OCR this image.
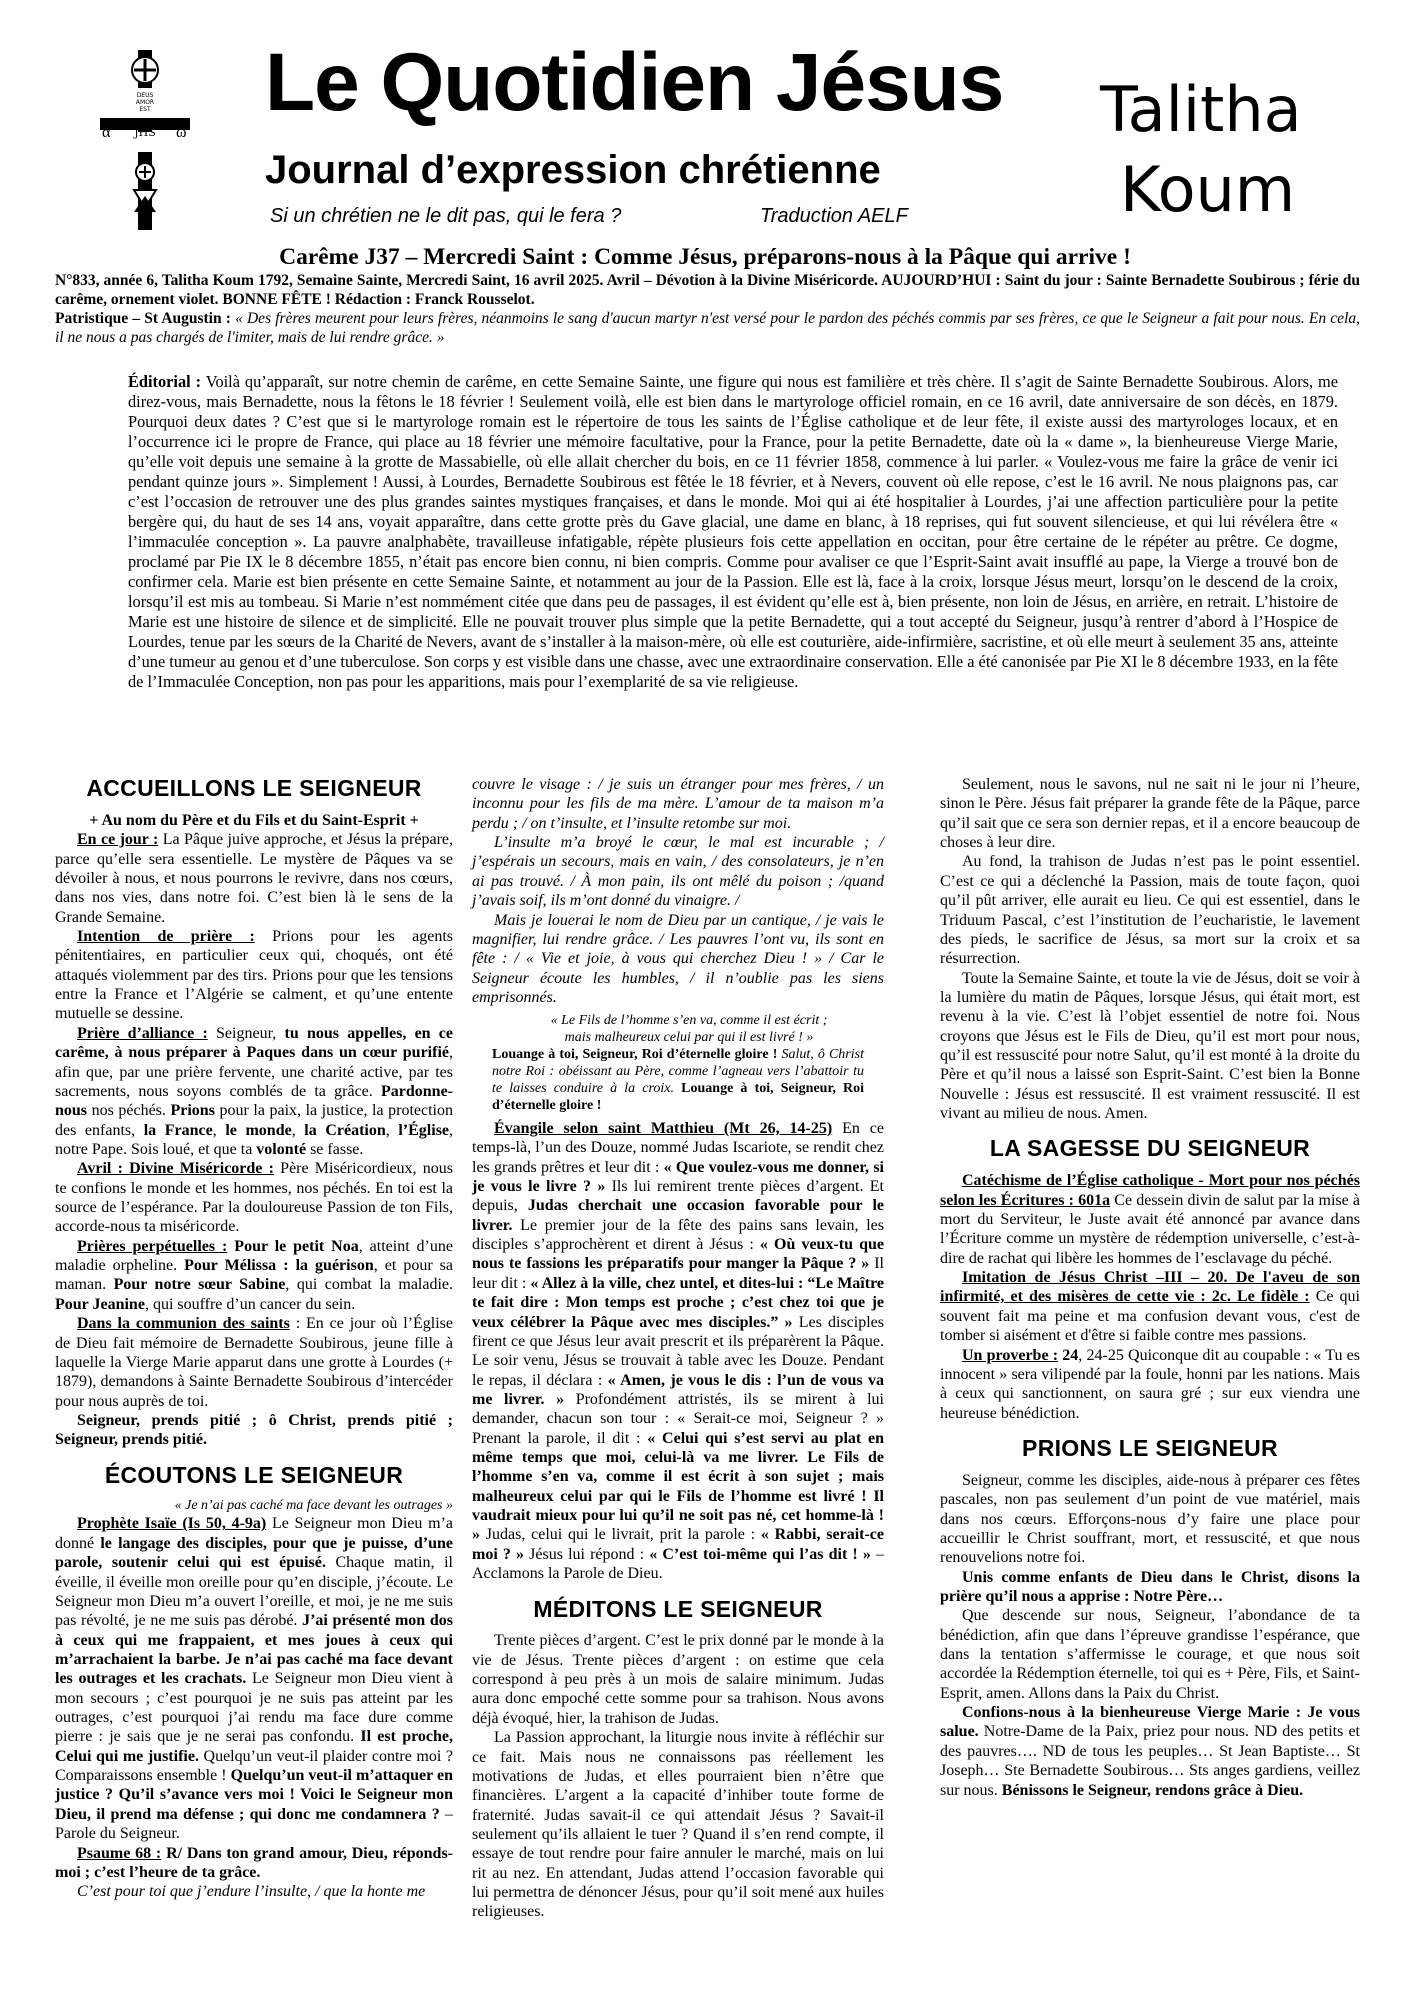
DEUS AMOR EST
JHS
α	ω
Le Quotidien Jésus
Journal d’expression chrétienne
Si un chrétien ne le dit pas, qui le fera ?	Traduction AELF
Talitha
Koum
Carême J37 – Mercredi Saint : Comme Jésus, préparons-nous à la Pâque qui arrive !
N°833, année 6, Talitha Koum 1792, Semaine Sainte, Mercredi Saint, 16 avril 2025. Avril – Dévotion à la Divine Miséricorde. AUJOURD’HUI : Saint du jour : Sainte Bernadette Soubirous ; férie du carême, ornement violet. BONNE FÊTE ! Rédaction : Franck Rousselot.
Patristique – St Augustin : « Des frères meurent pour leurs frères, néanmoins le sang d'aucun martyr n'est versé pour le pardon des péchés commis par ses frères, ce que le Seigneur a fait pour nous. En cela, il ne nous a pas chargés de l'imiter, mais de lui rendre grâce. »
Éditorial : Voilà qu’apparaît, sur notre chemin de carême, en cette Semaine Sainte, une figure qui nous est familière et très chère. Il s’agit de Sainte Bernadette Soubirous. Alors, me direz-vous, mais Bernadette, nous la fêtons le 18 février ! Seulement voilà, elle est bien dans le martyrologe officiel romain, en ce 16 avril, date anniversaire de son décès, en 1879. Pourquoi deux dates ? C’est que si le martyrologe romain est le répertoire de tous les saints de l’Église catholique et de leur fête, il existe aussi des martyrologes locaux, et en l’occurrence ici le propre de France, qui place au 18 février une mémoire facultative, pour la France, pour la petite Bernadette, date où la « dame », la bienheureuse Vierge Marie, qu’elle voit depuis une semaine à la grotte de Massabielle, où elle allait chercher du bois, en ce 11 février 1858, commence à lui parler. « Voulez-vous me faire la grâce de venir ici pendant quinze jours ». Simplement ! Aussi, à Lourdes, Bernadette Soubirous est fêtée le 18 février, et à Nevers, couvent où elle repose, c’est le 16 avril. Ne nous plaignons pas, car c’est l’occasion de retrouver une des plus grandes saintes mystiques françaises, et dans le monde. Moi qui ai été hospitalier à Lourdes, j’ai une affection particulière pour la petite bergère qui, du haut de ses 14 ans, voyait apparaître, dans cette grotte près du Gave glacial, une dame en blanc, à 18 reprises, qui fut souvent silencieuse, et qui lui révélera être « l’immaculée conception ». La pauvre analphabète, travailleuse infatigable, répète plusieurs fois cette appellation en occitan, pour être certaine de le répéter au prêtre. Ce dogme, proclamé par Pie IX le 8 décembre 1855, n’était pas encore bien connu, ni bien compris. Comme pour avaliser ce que l’Esprit-Saint avait insufflé au pape, la Vierge a trouvé bon de confirmer cela. Marie est bien présente en cette Semaine Sainte, et notamment au jour de la Passion. Elle est là, face à la croix, lorsque Jésus meurt, lorsqu’on le descend de la croix, lorsqu’il est mis au tombeau. Si Marie n’est nommément citée que dans peu de passages, il est évident qu’elle est à, bien présente, non loin de Jésus, en arrière, en retrait. L’histoire de Marie est une histoire de silence et de simplicité. Elle ne pouvait trouver plus simple que la petite Bernadette, qui a tout accepté du Seigneur, jusqu’à rentrer d’abord à l’Hospice de Lourdes, tenue par les sœurs de la Charité de Nevers, avant de s’installer à la maison-mère, où elle est couturière, aide-infirmière, sacristine, et où elle meurt à seulement 35 ans, atteinte d’une tumeur au genou et d’une tuberculose. Son corps y est visible dans une chasse, avec une extraordinaire conservation. Elle a été canonisée par Pie XI le 8 décembre 1933, en la fête de l’Immaculée Conception, non pas pour les apparitions, mais pour l’exemplarité de sa vie religieuse.
ACCUEILLONS LE SEIGNEUR

+ Au nom du Père et du Fils et du Saint-Esprit +

En ce jour : La Pâque juive approche, et Jésus la prépare, parce qu’elle sera essentielle. Le mystère de Pâques va se dévoiler à nous, et nous pourrons le revivre, dans nos cœurs, dans nos vies, dans notre foi. C’est bien là le sens de la Grande Semaine.

Intention de prière : Prions pour les agents pénitentiaires, en particulier ceux qui, choqués, ont été attaqués violemment par des tirs. Prions pour que les tensions entre la France et l’Algérie se calment, et qu’une entente mutuelle se dessine.

Prière d’alliance : Seigneur, tu nous appelles, en ce carême, à nous préparer à Paques dans un cœur purifié, afin que, par une prière fervente, une charité active, par tes sacrements, nous soyons comblés de ta grâce. Pardonne-nous nos péchés. Prions pour la paix, la justice, la protection des enfants, la France, le monde, la Création, l’Église, notre Pape. Sois loué, et que ta volonté se fasse.

Avril : Divine Miséricorde : Père Miséricordieux, nous te confions le monde et les hommes, nos péchés. En toi est la source de l’espérance. Par la douloureuse Passion de ton Fils, accorde-nous ta miséricorde.

Prières perpétuelles : Pour le petit Noa, atteint d’une maladie orpheline. Pour Mélissa : la guérison, et pour sa maman. Pour notre sœur Sabine, qui combat la maladie. Pour Jeanine, qui souffre d’un cancer du sein.

Dans la communion des saints : En ce jour où l’Église de Dieu fait mémoire de Bernadette Soubirous, jeune fille à laquelle la Vierge Marie apparut dans une grotte à Lourdes (+ 1879), demandons à Sainte Bernadette Soubirous d’intercéder pour nous auprès de toi.

Seigneur, prends pitié ; ô Christ, prends pitié ; Seigneur, prends pitié.

ÉCOUTONS LE SEIGNEUR

« Je n’ai pas caché ma face devant les outrages »

Prophète Isaïe (Is 50, 4-9a) Le Seigneur mon Dieu m’a donné le langage des disciples, pour que je puisse, d’une parole, soutenir celui qui est épuisé. Chaque matin, il éveille, il éveille mon oreille pour qu’en disciple, j’écoute. Le Seigneur mon Dieu m’a ouvert l’oreille, et moi, je ne me suis pas révolté, je ne me suis pas dérobé. J’ai présenté mon dos à ceux qui me frappaient, et mes joues à ceux qui m’arrachaient la barbe. Je n’ai pas caché ma face devant les outrages et les crachats. Le Seigneur mon Dieu vient à mon secours ; c’est pourquoi je ne suis pas atteint par les outrages, c’est pourquoi j’ai rendu ma face dure comme pierre : je sais que je ne serai pas confondu. Il est proche, Celui qui me justifie. Quelqu’un veut-il plaider contre moi ? Comparaissons ensemble ! Quelqu’un veut-il m’attaquer en justice ? Qu’il s’avance vers moi ! Voici le Seigneur mon Dieu, il prend ma défense ; qui donc me condamnera ? – Parole du Seigneur.

Psaume 68 : R/ Dans ton grand amour, Dieu, réponds-moi ; c’est l’heure de ta grâce.

C’est pour toi que j’endure l’insulte, / que la honte me

couvre le visage : / je suis un étranger pour mes frères, / un inconnu pour les fils de ma mère. L’amour de ta maison m’a perdu ; / on t’insulte, et l’insulte retombe sur moi.

L’insulte m’a broyé le cœur, le mal est incurable ; / j’espérais un secours, mais en vain, / des consolateurs, je n’en ai pas trouvé. / À mon pain, ils ont mêlé du poison ; /quand j’avais soif, ils m’ont donné du vinaigre. /

Mais je louerai le nom de Dieu par un cantique, / je vais le magnifier, lui rendre grâce. / Les pauvres l’ont vu, ils sont en fête : / « Vie et joie, à vous qui cherchez Dieu ! » / Car le Seigneur écoute les humbles, / il n’oublie pas les siens emprisonnés.

« Le Fils de l’homme s’en va, comme il est écrit ;

mais malheureux celui par qui il est livré ! »

Louange à toi, Seigneur, Roi d’éternelle gloire ! Salut, ô Christ notre Roi : obéissant au Père, comme l’agneau vers l’abattoir tu te laisses conduire à la croix. Louange à toi, Seigneur, Roi d’éternelle gloire !

Évangile selon saint Matthieu (Mt 26, 14-25) En ce temps-là, l’un des Douze, nommé Judas Iscariote, se rendit chez les grands prêtres et leur dit : « Que voulez-vous me donner, si je vous le livre ? » Ils lui remirent trente pièces d’argent. Et depuis, Judas cherchait une occasion favorable pour le livrer. Le premier jour de la fête des pains sans levain, les disciples s’approchèrent et dirent à Jésus : « Où veux-tu que nous te fassions les préparatifs pour manger la Pâque ? » Il leur dit : « Allez à la ville, chez untel, et dites-lui : “Le Maître te fait dire : Mon temps est proche ; c’est chez toi que je veux célébrer la Pâque avec mes disciples.” » Les disciples firent ce que Jésus leur avait prescrit et ils préparèrent la Pâque. Le soir venu, Jésus se trouvait à table avec les Douze. Pendant le repas, il déclara : « Amen, je vous le dis : l’un de vous va me livrer. » Profondément attristés, ils se mirent à lui demander, chacun son tour : « Serait-ce moi, Seigneur ? » Prenant la parole, il dit : « Celui qui s’est servi au plat en même temps que moi, celui-là va me livrer. Le Fils de l’homme s’en va, comme il est écrit à son sujet ; mais malheureux celui par qui le Fils de l’homme est livré ! Il vaudrait mieux pour lui qu’il ne soit pas né, cet homme-là ! » Judas, celui qui le livrait, prit la parole : « Rabbi, serait-ce moi ? » Jésus lui répond : « C’est toi-même qui l’as dit ! » – Acclamons la Parole de Dieu.

MÉDITONS LE SEIGNEUR

Trente pièces d’argent. C’est le prix donné par le monde à la vie de Jésus. Trente pièces d’argent : on estime que cela correspond à peu près à un mois de salaire minimum. Judas aura donc empoché cette somme pour sa trahison. Nous avons déjà évoqué, hier, la trahison de Judas.

La Passion approchant, la liturgie nous invite à réfléchir sur ce fait. Mais nous ne connaissons pas réellement les motivations de Judas, et elles pourraient bien n’être que financières. L’argent a la capacité d’inhiber toute forme de fraternité. Judas savait-il ce qui attendait Jésus ? Savait-il seulement qu’ils allaient le tuer ? Quand il s’en rend compte, il essaye de tout rendre pour faire annuler le marché, mais on lui rit au nez. En attendant, Judas attend l’occasion favorable qui lui permettra de dénoncer Jésus, pour qu’il soit mené aux huiles religieuses.

Seulement, nous le savons, nul ne sait ni le jour ni l’heure, sinon le Père. Jésus fait préparer la grande fête de la Pâque, parce qu’il sait que ce sera son dernier repas, et il a encore beaucoup de choses à leur dire.

Au fond, la trahison de Judas n’est pas le point essentiel. C’est ce qui a déclenché la Passion, mais de toute façon, quoi qu’il pût arriver, elle aurait eu lieu. Ce qui est essentiel, dans le Triduum Pascal, c’est l’institution de l’eucharistie, le lavement des pieds, le sacrifice de Jésus, sa mort sur la croix et sa résurrection.

Toute la Semaine Sainte, et toute la vie de Jésus, doit se voir à la lumière du matin de Pâques, lorsque Jésus, qui était mort, est revenu à la vie. C’est là l’objet essentiel de notre foi. Nous croyons que Jésus est le Fils de Dieu, qu’il est mort pour nous, qu’il est ressuscité pour notre Salut, qu’il est monté à la droite du Père et qu’il nous a laissé son Esprit-Saint. C’est bien la Bonne Nouvelle : Jésus est ressuscité. Il est vraiment ressuscité. Il est vivant au milieu de nous. Amen.

LA SAGESSE DU SEIGNEUR

Catéchisme de l’Église catholique - Mort pour nos péchés selon les Écritures : 601a Ce dessein divin de salut par la mise à mort du Serviteur, le Juste avait été annoncé par avance dans l’Écriture comme un mystère de rédemption universelle, c’est-à-dire de rachat qui libère les hommes de l’esclavage du péché.

Imitation de Jésus Christ –III – 20. De l'aveu de son infirmité, et des misères de cette vie : 2c. Le fidèle : Ce qui souvent fait ma peine et ma confusion devant vous, c'est de tomber si aisément et d'être si faible contre mes passions.

Un proverbe : 24, 24-25 Quiconque dit au coupable : « Tu es innocent » sera vilipendé par la foule, honni par les nations. Mais à ceux qui sanctionnent, on saura gré ; sur eux viendra une heureuse bénédiction.

PRIONS LE SEIGNEUR

Seigneur, comme les disciples, aide-nous à préparer ces fêtes pascales, non pas seulement d’un point de vue matériel, mais dans nos cœurs. Efforçons-nous d’y faire une place pour accueillir le Christ souffrant, mort, et ressuscité, et que nous renouvelions notre foi.

Unis comme enfants de Dieu dans le Christ, disons la prière qu’il nous a apprise : Notre Père…

Que descende sur nous, Seigneur, l’abondance de ta bénédiction, afin que dans l’épreuve grandisse l’espérance, que dans la tentation s’affermisse le courage, et que nous soit accordée la Rédemption éternelle, toi qui es + Père, Fils, et Saint-Esprit, amen. Allons dans la Paix du Christ.

Confions-nous à la bienheureuse Vierge Marie : Je vous salue. Notre-Dame de la Paix, priez pour nous. ND des petits et des pauvres…. ND de tous les peuples… St Jean Baptiste… St Joseph… Ste Bernadette Soubirous… Sts anges gardiens, veillez sur nous. Bénissons le Seigneur, rendons grâce à Dieu.
